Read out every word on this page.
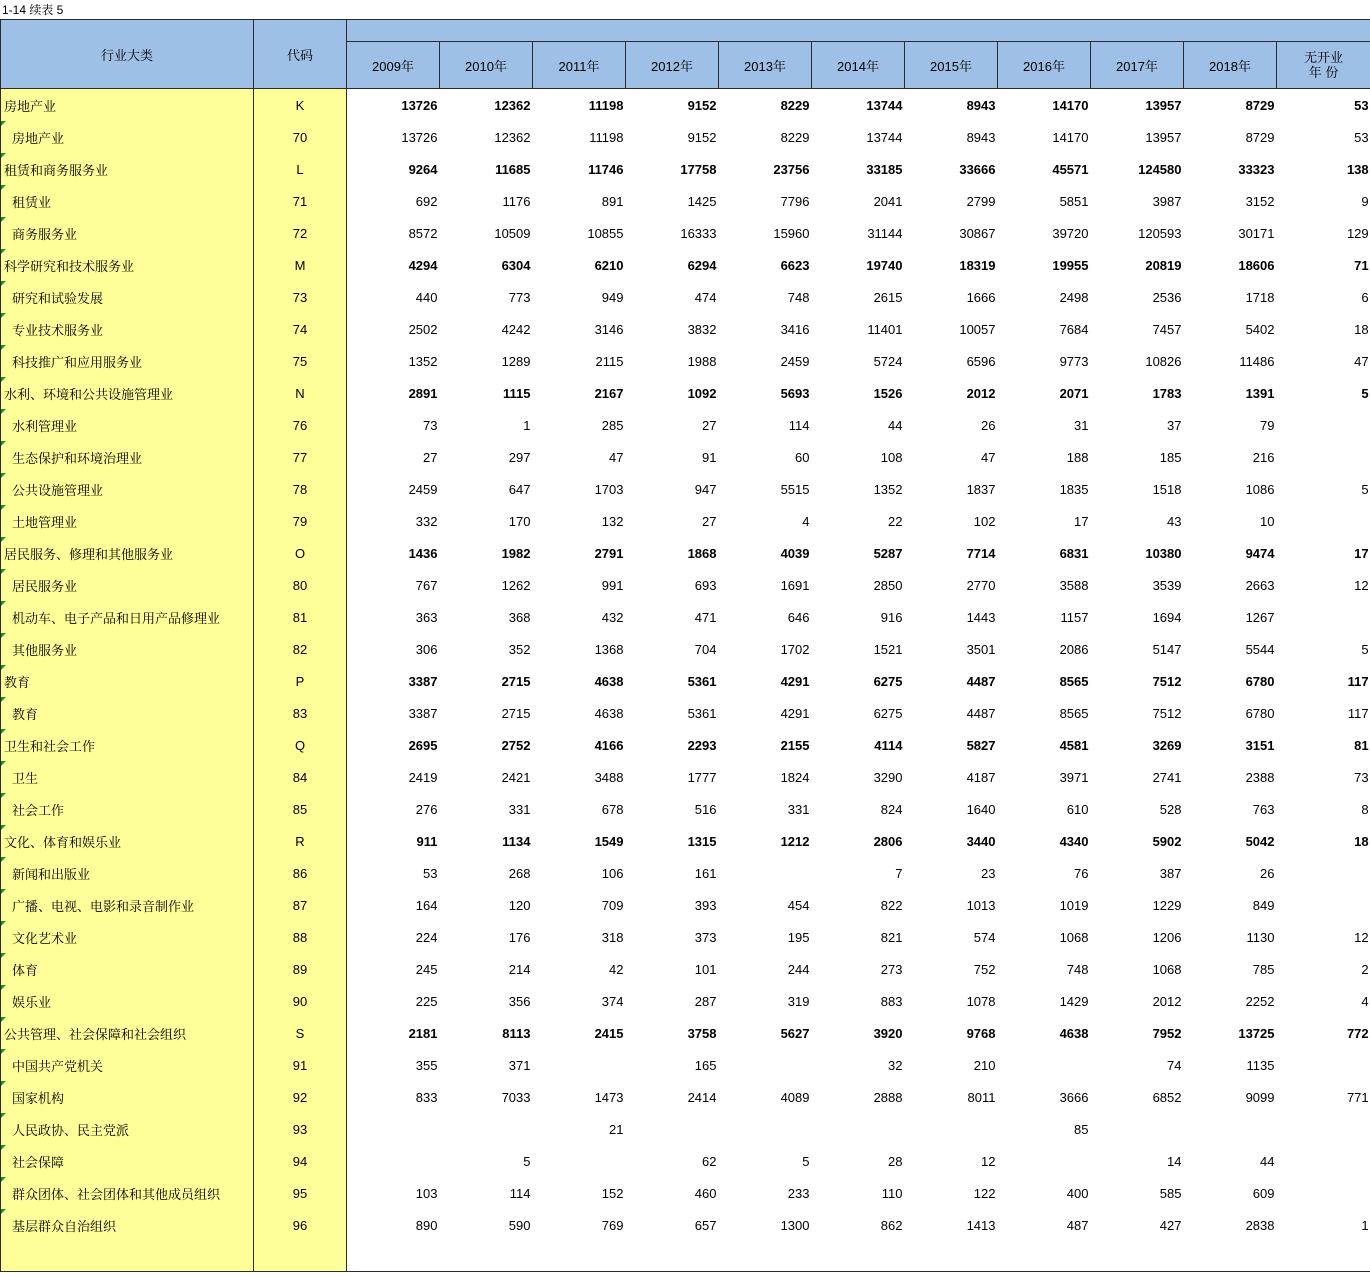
1-14 续表 5
行业大类	代码											
		2009年	2010年	2011年	2012年	2013年	2014年	2015年	2016年	2017年	2018年	无开业
年 份

房地产业	K	13726	12362	11198	9152	8229	13744	8943	14170	13957	8729	53

房地产业	70	13726	12362	11198	9152	8229	13744	8943	14170	13957	8729	53

租赁和商务服务业	L	9264	11685	11746	17758	23756	33185	33666	45571	124580	33323	138

租赁业	71	692	1176	891	1425	7796	2041	2799	5851	3987	3152	9

商务服务业	72	8572	10509	10855	16333	15960	31144	30867	39720	120593	30171	129

科学研究和技术服务业	M	4294	6304	6210	6294	6623	19740	18319	19955	20819	18606	71

研究和试验发展	73	440	773	949	474	748	2615	1666	2498	2536	1718	6

专业技术服务业	74	2502	4242	3146	3832	3416	11401	10057	7684	7457	5402	18

科技推广和应用服务业	75	1352	1289	2115	1988	2459	5724	6596	9773	10826	11486	47

水利、环境和公共设施管理业	N	2891	1115	2167	1092	5693	1526	2012	2071	1783	1391	5

水利管理业	76	73	1	285	27	114	44	26	31	37	79	

生态保护和环境治理业	77	27	297	47	91	60	108	47	188	185	216	

公共设施管理业	78	2459	647	1703	947	5515	1352	1837	1835	1518	1086	5

土地管理业	79	332	170	132	27	4	22	102	17	43	10	

居民服务、修理和其他服务业	O	1436	1982	2791	1868	4039	5287	7714	6831	10380	9474	17

居民服务业	80	767	1262	991	693	1691	2850	2770	3588	3539	2663	12

机动车、电子产品和日用产品修理业	81	363	368	432	471	646	916	1443	1157	1694	1267	

其他服务业	82	306	352	1368	704	1702	1521	3501	2086	5147	5544	5

教育	P	3387	2715	4638	5361	4291	6275	4487	8565	7512	6780	117

教育	83	3387	2715	4638	5361	4291	6275	4487	8565	7512	6780	117

卫生和社会工作	Q	2695	2752	4166	2293	2155	4114	5827	4581	3269	3151	81

卫生	84	2419	2421	3488	1777	1824	3290	4187	3971	2741	2388	73

社会工作	85	276	331	678	516	331	824	1640	610	528	763	8

文化、体育和娱乐业	R	911	1134	1549	1315	1212	2806	3440	4340	5902	5042	18

新闻和出版业	86	53	268	106	161		7	23	76	387	26	

广播、电视、电影和录音制作业	87	164	120	709	393	454	822	1013	1019	1229	849	

文化艺术业	88	224	176	318	373	195	821	574	1068	1206	1130	12

体育	89	245	214	42	101	244	273	752	748	1068	785	2

娱乐业	90	225	356	374	287	319	883	1078	1429	2012	2252	4

公共管理、社会保障和社会组织	S	2181	8113	2415	3758	5627	3920	9768	4638	7952	13725	772

中国共产党机关	91	355	371		165		32	210		74	1135	

国家机构	92	833	7033	1473	2414	4089	2888	8011	3666	6852	9099	771

人民政协、民主党派	93			21					85			

社会保障	94		5		62	5	28	12		14	44	

群众团体、社会团体和其他成员组织	95	103	114	152	460	233	110	122	400	585	609	

基层群众自治组织	96	890	590	769	657	1300	862	1413	487	427	2838	1
